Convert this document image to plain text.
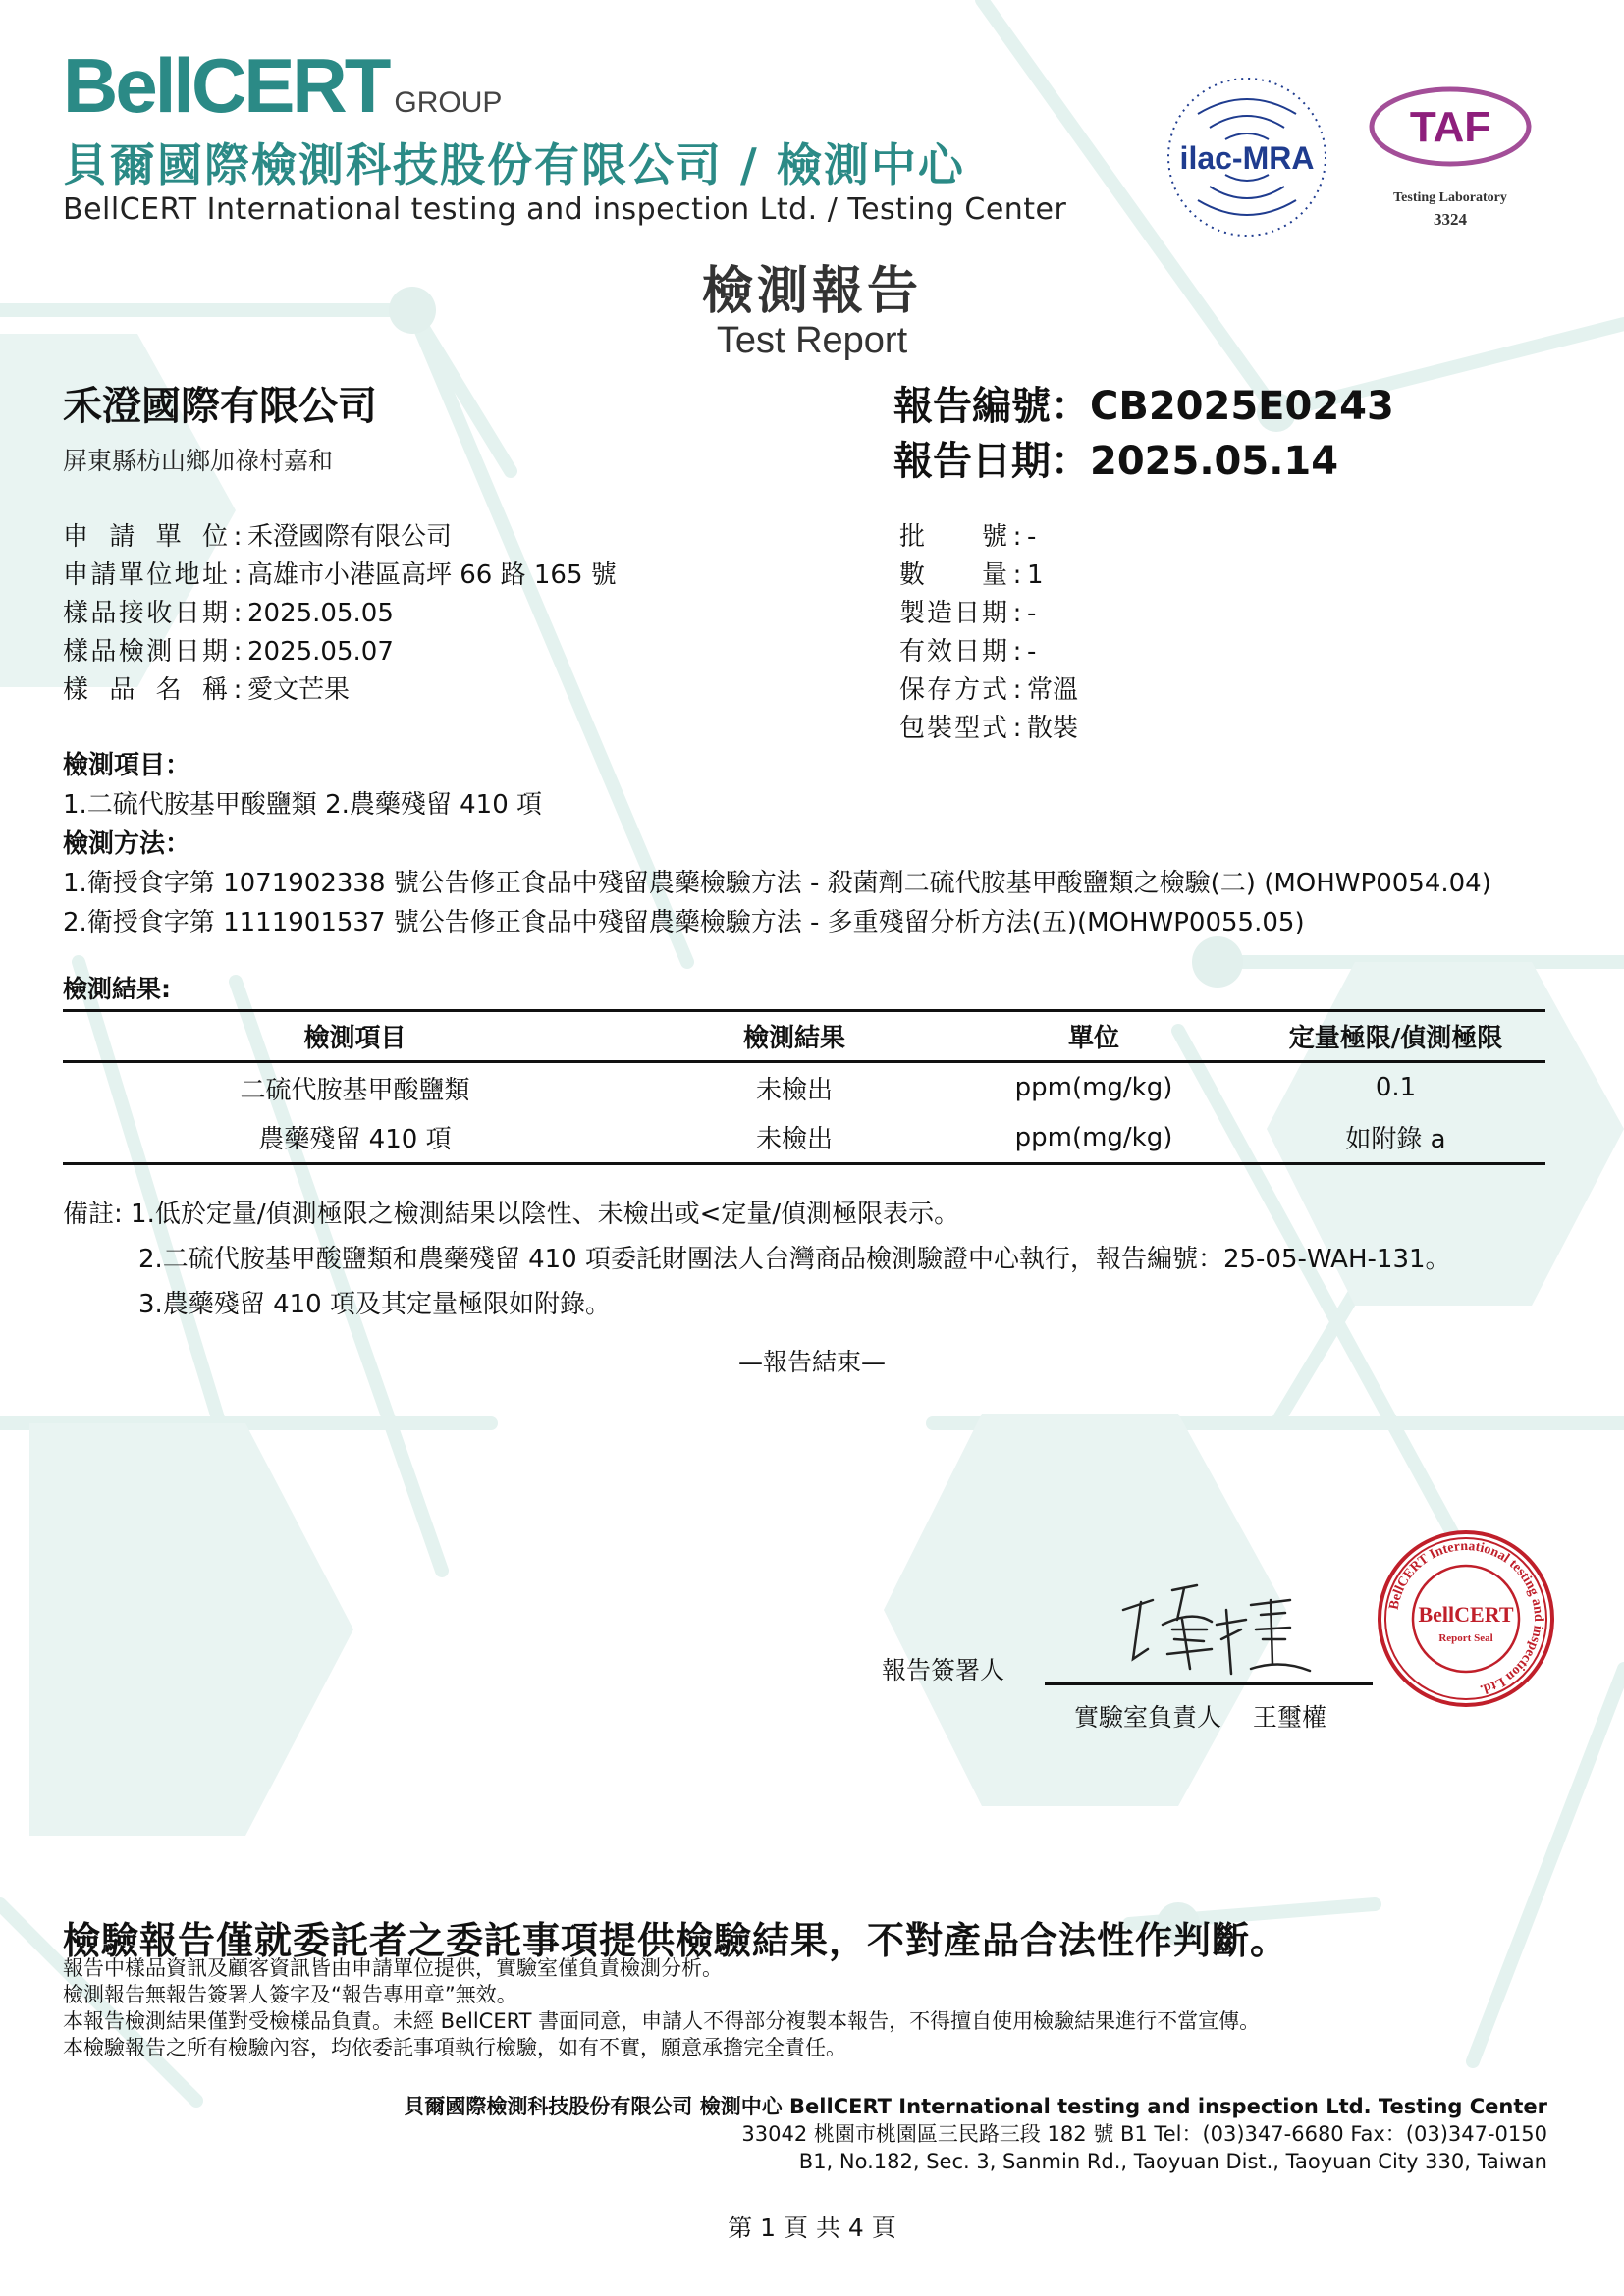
BellCERT GROUP
貝爾國際檢測科技股份有限公司 / 檢測中心
BellCERT International testing and inspection Ltd. / Testing Center
ilac-MRA
TAF
Testing Laboratory
3324
檢測報告
Test Report
禾澄國際有限公司
屏東縣枋山鄉加祿村嘉和
報告編號：CB2025E0243
報告日期：2025.05.14
申請單位 : 禾澄國際有限公司
申請單位地址 : 高雄市小港區高坪 66 路 165 號
樣品接收日期 : 2025.05.05
樣品檢測日期 : 2025.05.07
樣品名稱 : 愛文芒果
批號 : -
數量 : 1
製造日期 : -
有效日期 : -
保存方式 : 常溫
包裝型式 : 散裝
檢測項目：
1.二硫代胺基甲酸鹽類 2.農藥殘留 410 項
檢測方法：
1.衛授食字第 1071902338 號公告修正食品中殘留農藥檢驗方法 - 殺菌劑二硫代胺基甲酸鹽類之檢驗(二) (MOHWP0054.04)
2.衛授食字第 1111901537 號公告修正食品中殘留農藥檢驗方法 - 多重殘留分析方法(五)(MOHWP0055.05)
檢測結果:
檢測項目	檢測結果	單位	定量極限/偵測極限
二硫代胺基甲酸鹽類	未檢出	ppm(mg/kg)	0.1
農藥殘留 410 項	未檢出	ppm(mg/kg)	如附錄 a
備註: 1.低於定量/偵測極限之檢測結果以陰性、未檢出或<定量/偵測極限表示。
2.二硫代胺基甲酸鹽類和農藥殘留 410 項委託財團法人台灣商品檢測驗證中心執行，報告編號：25-05-WAH-131。
3.農藥殘留 410 項及其定量極限如附錄。
—報告結束—
報告簽署人
實驗室負責人 王璽權
BellCERT International testing and inspection Ltd.
BellCERT
Report Seal
檢驗報告僅就委託者之委託事項提供檢驗結果，不對產品合法性作判斷。
報告中樣品資訊及顧客資訊皆由申請單位提供，實驗室僅負責檢測分析。
檢測報告無報告簽署人簽字及“報告專用章”無效。
本報告檢測結果僅對受檢樣品負責。未經 BellCERT 書面同意，申請人不得部分複製本報告，不得擅自使用檢驗結果進行不當宣傳。
本檢驗報告之所有檢驗內容，均依委託事項執行檢驗，如有不實，願意承擔完全責任。
貝爾國際檢測科技股份有限公司 檢測中心 BellCERT International testing and inspection Ltd. Testing Center
33042 桃園市桃園區三民路三段 182 號 B1 Tel：(03)347-6680 Fax：(03)347-0150
B1, No.182, Sec. 3, Sanmin Rd., Taoyuan Dist., Taoyuan City 330, Taiwan
第 1 頁 共 4 頁
